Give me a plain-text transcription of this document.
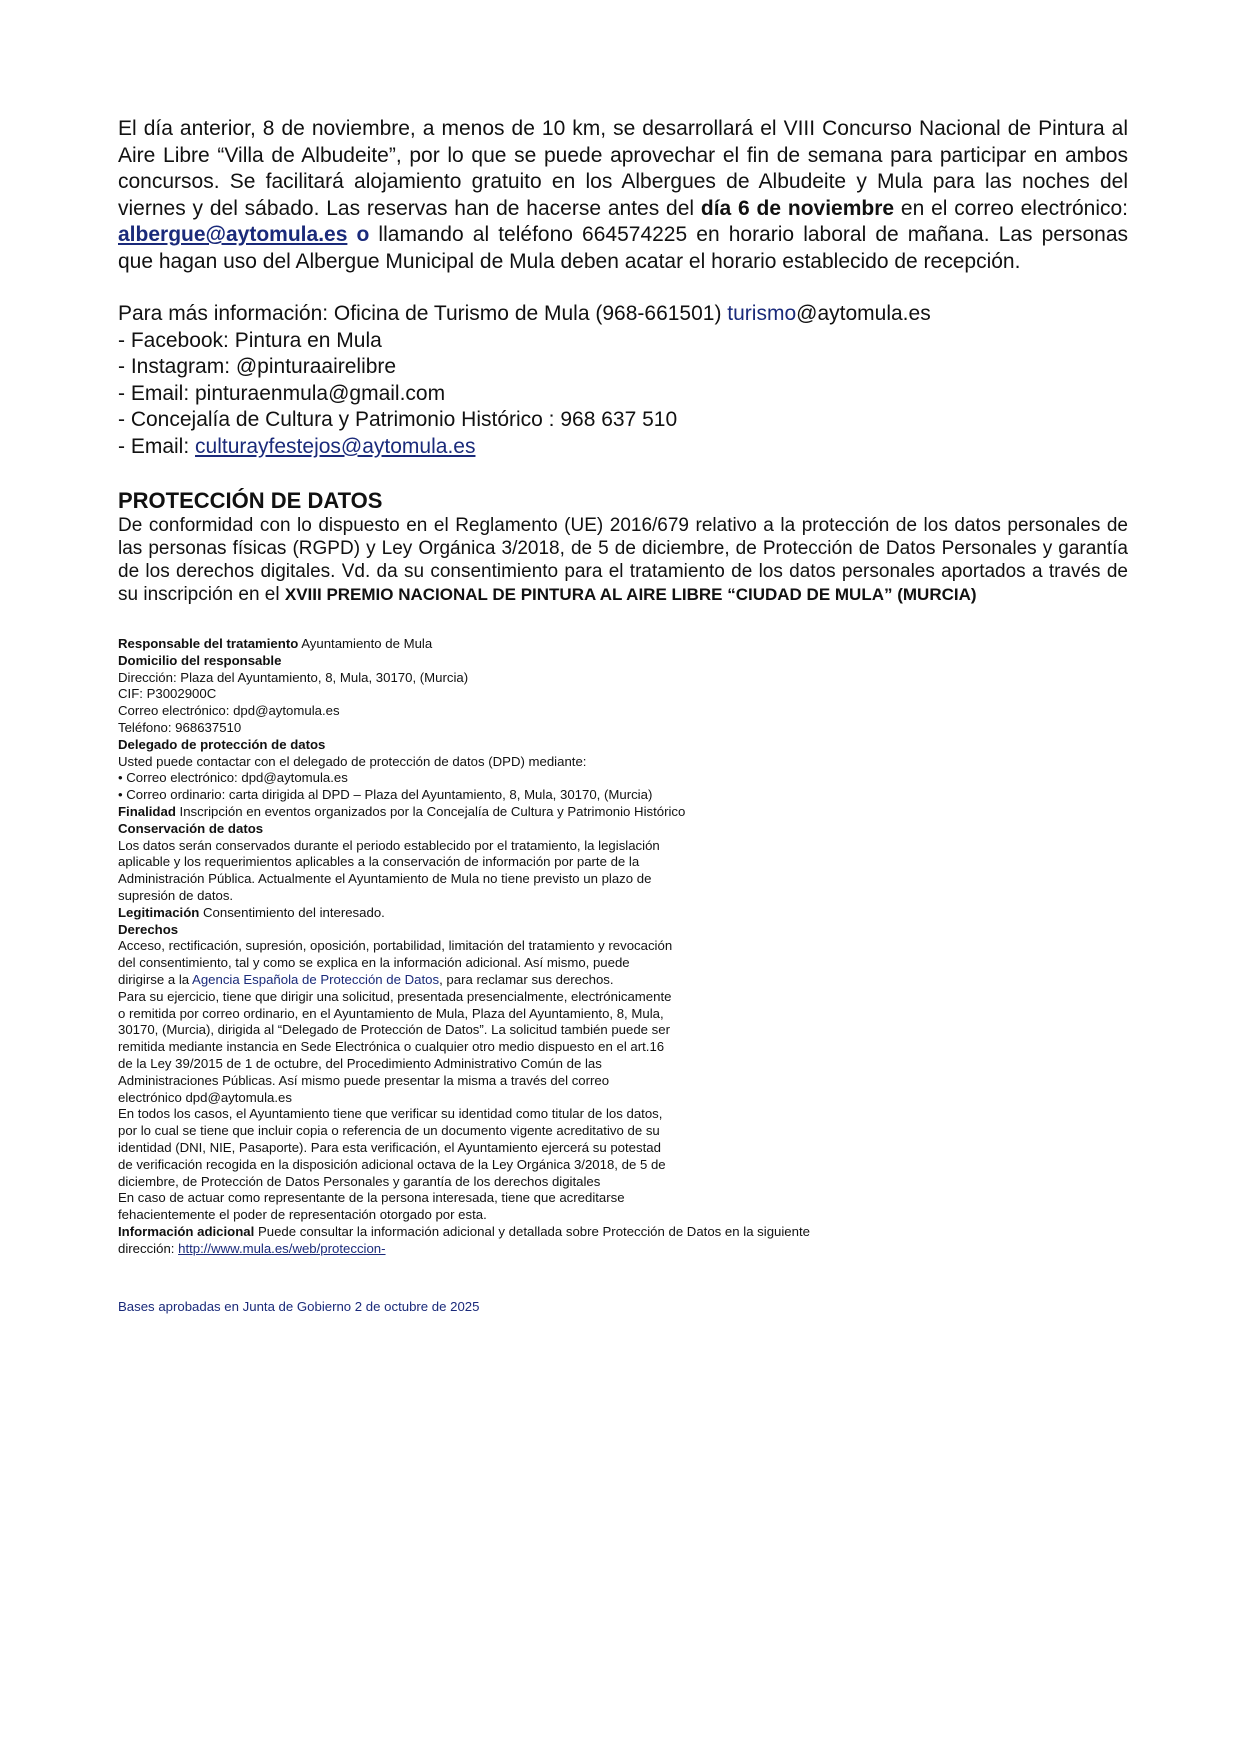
El día anterior, 8 de noviembre, a menos de 10 km, se desarrollará el VIII Concurso Nacional de Pintura al Aire Libre “Villa de Albudeite”, por lo que se puede aprovechar el fin de semana para participar en ambos concursos. Se facilitará alojamiento gratuito en los Albergues de Albudeite y Mula para las noches del viernes y del sábado. Las reservas han de hacerse antes del día 6 de noviembre en el correo electrónico: albergue@aytomula.es o llamando al teléfono 664574225 en horario laboral de mañana. Las personas que hagan uso del Albergue Municipal de Mula deben acatar el horario establecido de recepción.

Para más información: Oficina de Turismo de Mula (968-661501) turismo@aytomula.es
- Facebook: Pintura en Mula
- Instagram: @pinturaairelibre
- Email: pinturaenmula@gmail.com
- Concejalía de Cultura y Patrimonio Histórico : 968 637 510
- Email: culturayfestejos@aytomula.es
PROTECCIÓN DE DATOS

De conformidad con lo dispuesto en el Reglamento (UE) 2016/679 relativo a la protección de los datos personales de las personas físicas (RGPD) y Ley Orgánica 3/2018, de 5 de diciembre, de Protección de Datos Personales y garantía de los derechos digitales. Vd. da su consentimiento para el tratamiento de los datos personales aportados a través de su inscripción en el XVIII PREMIO NACIONAL DE PINTURA AL AIRE LIBRE “CIUDAD DE MULA” (MURCIA)

Responsable del tratamiento Ayuntamiento de Mula
Domicilio del responsable
Dirección: Plaza del Ayuntamiento, 8, Mula, 30170, (Murcia)
CIF: P3002900C
Correo electrónico: dpd@aytomula.es
Teléfono: 968637510
Delegado de protección de datos
Usted puede contactar con el delegado de protección de datos (DPD) mediante:
• Correo electrónico: dpd@aytomula.es
• Correo ordinario: carta dirigida al DPD – Plaza del Ayuntamiento, 8, Mula, 30170, (Murcia)
Finalidad Inscripción en eventos organizados por la Concejalía de Cultura y Patrimonio Histórico
Conservación de datos
Los datos serán conservados durante el periodo establecido por el tratamiento, la legislación
aplicable y los requerimientos aplicables a la conservación de información por parte de la
Administración Pública. Actualmente el Ayuntamiento de Mula no tiene previsto un plazo de
supresión de datos.
Legitimación Consentimiento del interesado.
Derechos
Acceso, rectificación, supresión, oposición, portabilidad, limitación del tratamiento y revocación
del consentimiento, tal y como se explica en la información adicional. Así mismo, puede
dirigirse a la Agencia Española de Protección de Datos, para reclamar sus derechos.
Para su ejercicio, tiene que dirigir una solicitud, presentada presencialmente, electrónicamente
o remitida por correo ordinario, en el Ayuntamiento de Mula, Plaza del Ayuntamiento, 8, Mula,
30170, (Murcia), dirigida al “Delegado de Protección de Datos”. La solicitud también puede ser
remitida mediante instancia en Sede Electrónica o cualquier otro medio dispuesto en el art.16
de la Ley 39/2015 de 1 de octubre, del Procedimiento Administrativo Común de las
Administraciones Públicas. Así mismo puede presentar la misma a través del correo
electrónico dpd@aytomula.es
En todos los casos, el Ayuntamiento tiene que verificar su identidad como titular de los datos,
por lo cual se tiene que incluir copia o referencia de un documento vigente acreditativo de su
identidad (DNI, NIE, Pasaporte). Para esta verificación, el Ayuntamiento ejercerá su potestad
de verificación recogida en la disposición adicional octava de la Ley Orgánica 3/2018, de 5 de
diciembre, de Protección de Datos Personales y garantía de los derechos digitales
En caso de actuar como representante de la persona interesada, tiene que acreditarse
fehacientemente el poder de representación otorgado por esta.
Información adicional Puede consultar la información adicional y detallada sobre Protección de Datos en la siguiente
dirección: http://www.mula.es/web/proteccion-
Bases aprobadas en Junta de Gobierno 2 de octubre de 2025
